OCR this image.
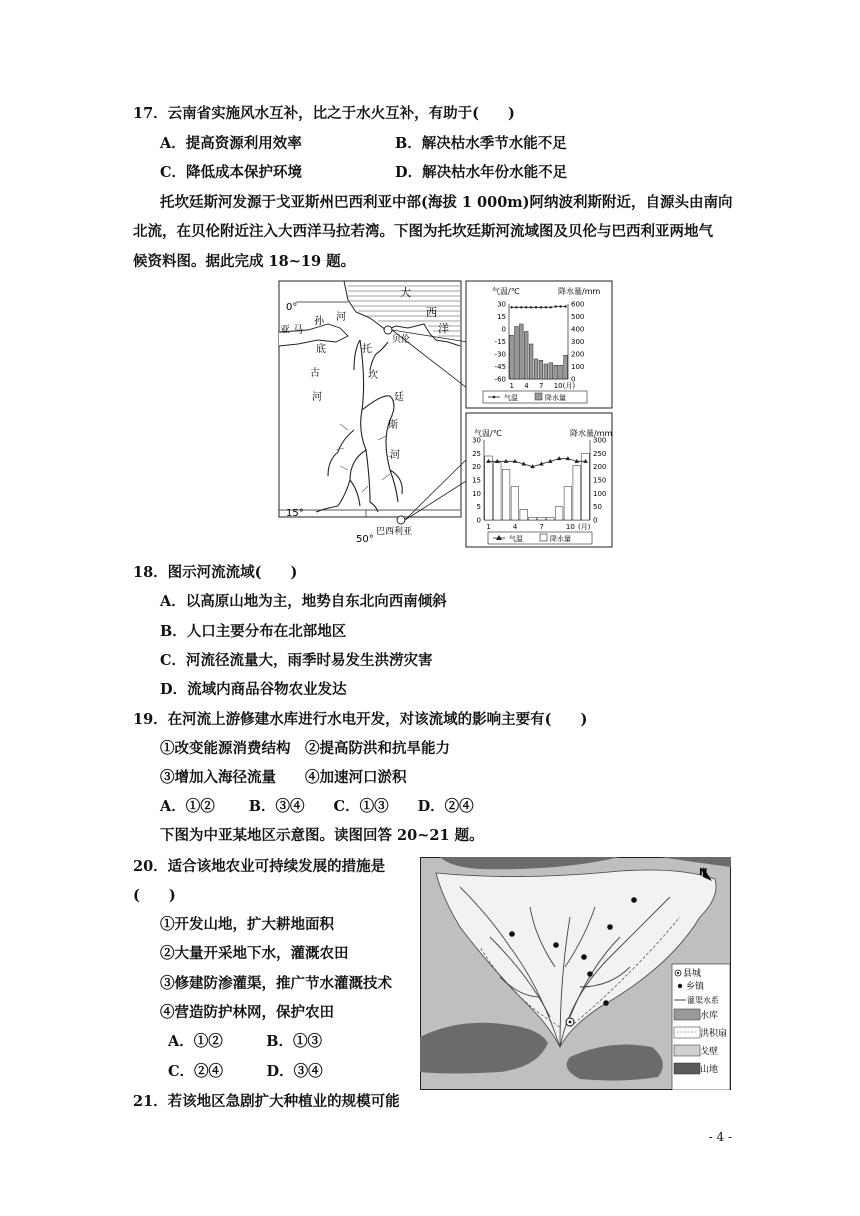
17．云南省实施风水互补，比之于水火互补，有助于(　　)
A．提高资源利用效率	B．解决枯水季节水能不足
C．降低成本保护环境	D．解决枯水年份水能不足
托坎廷斯河发源于戈亚斯州巴西利亚中部(海拔 1 000m)阿纳波利斯附近，自源头由南向
北流，在贝伦附近注入大西洋马拉若湾。下图为托坎廷斯河流域图及贝伦与巴西利亚两地气
候资料图。据此完成 18~19 题。
0°
15°
50°
大
西
洋
亚 马
孙 河
底
古
河
托
坎
廷
斯
河
贝伦
巴西利亚
气温/℃	降水量/mm
30
15
0
-15
-30
-45
-60
600
500
400
300
200
100
0
1 4 7 10(月)
气温	降水量
气温/℃	降水量/mm
30
25
20
15
10
5
0
300
250
200
150
100
50
0
1	4	7	10 (月)
气温	降水量
18．图示河流流域(　　)
A．以高原山地为主，地势自东北向西南倾斜
B．人口主要分布在北部地区
C．河流径流量大，雨季时易发生洪涝灾害
D．流域内商品谷物农业发达
19．在河流上游修建水库进行水电开发，对该流域的影响主要有(　　)
①改变能源消费结构　②提高防洪和抗旱能力
③增加入海径流量　　④加速河口淤积
A．①②　　 B．③④　　C．①③　　D．②④
下图为中亚某地区示意图。读图回答 20~21 题。
20．适合该地农业可持续发展的措施是
(　　)
①开发山地，扩大耕地面积
②大量开采地下水，灌溉农田
③修建防渗灌渠，推广节水灌溉技术
④营造防护林网，保护农田
A．①②　　　B．①③
C．②④　　　D．③④
N
县城
乡镇
灌渠水系
水库
洪积扇
戈壁
山地
21．若该地区急剧扩大种植业的规模可能
- 4 -
